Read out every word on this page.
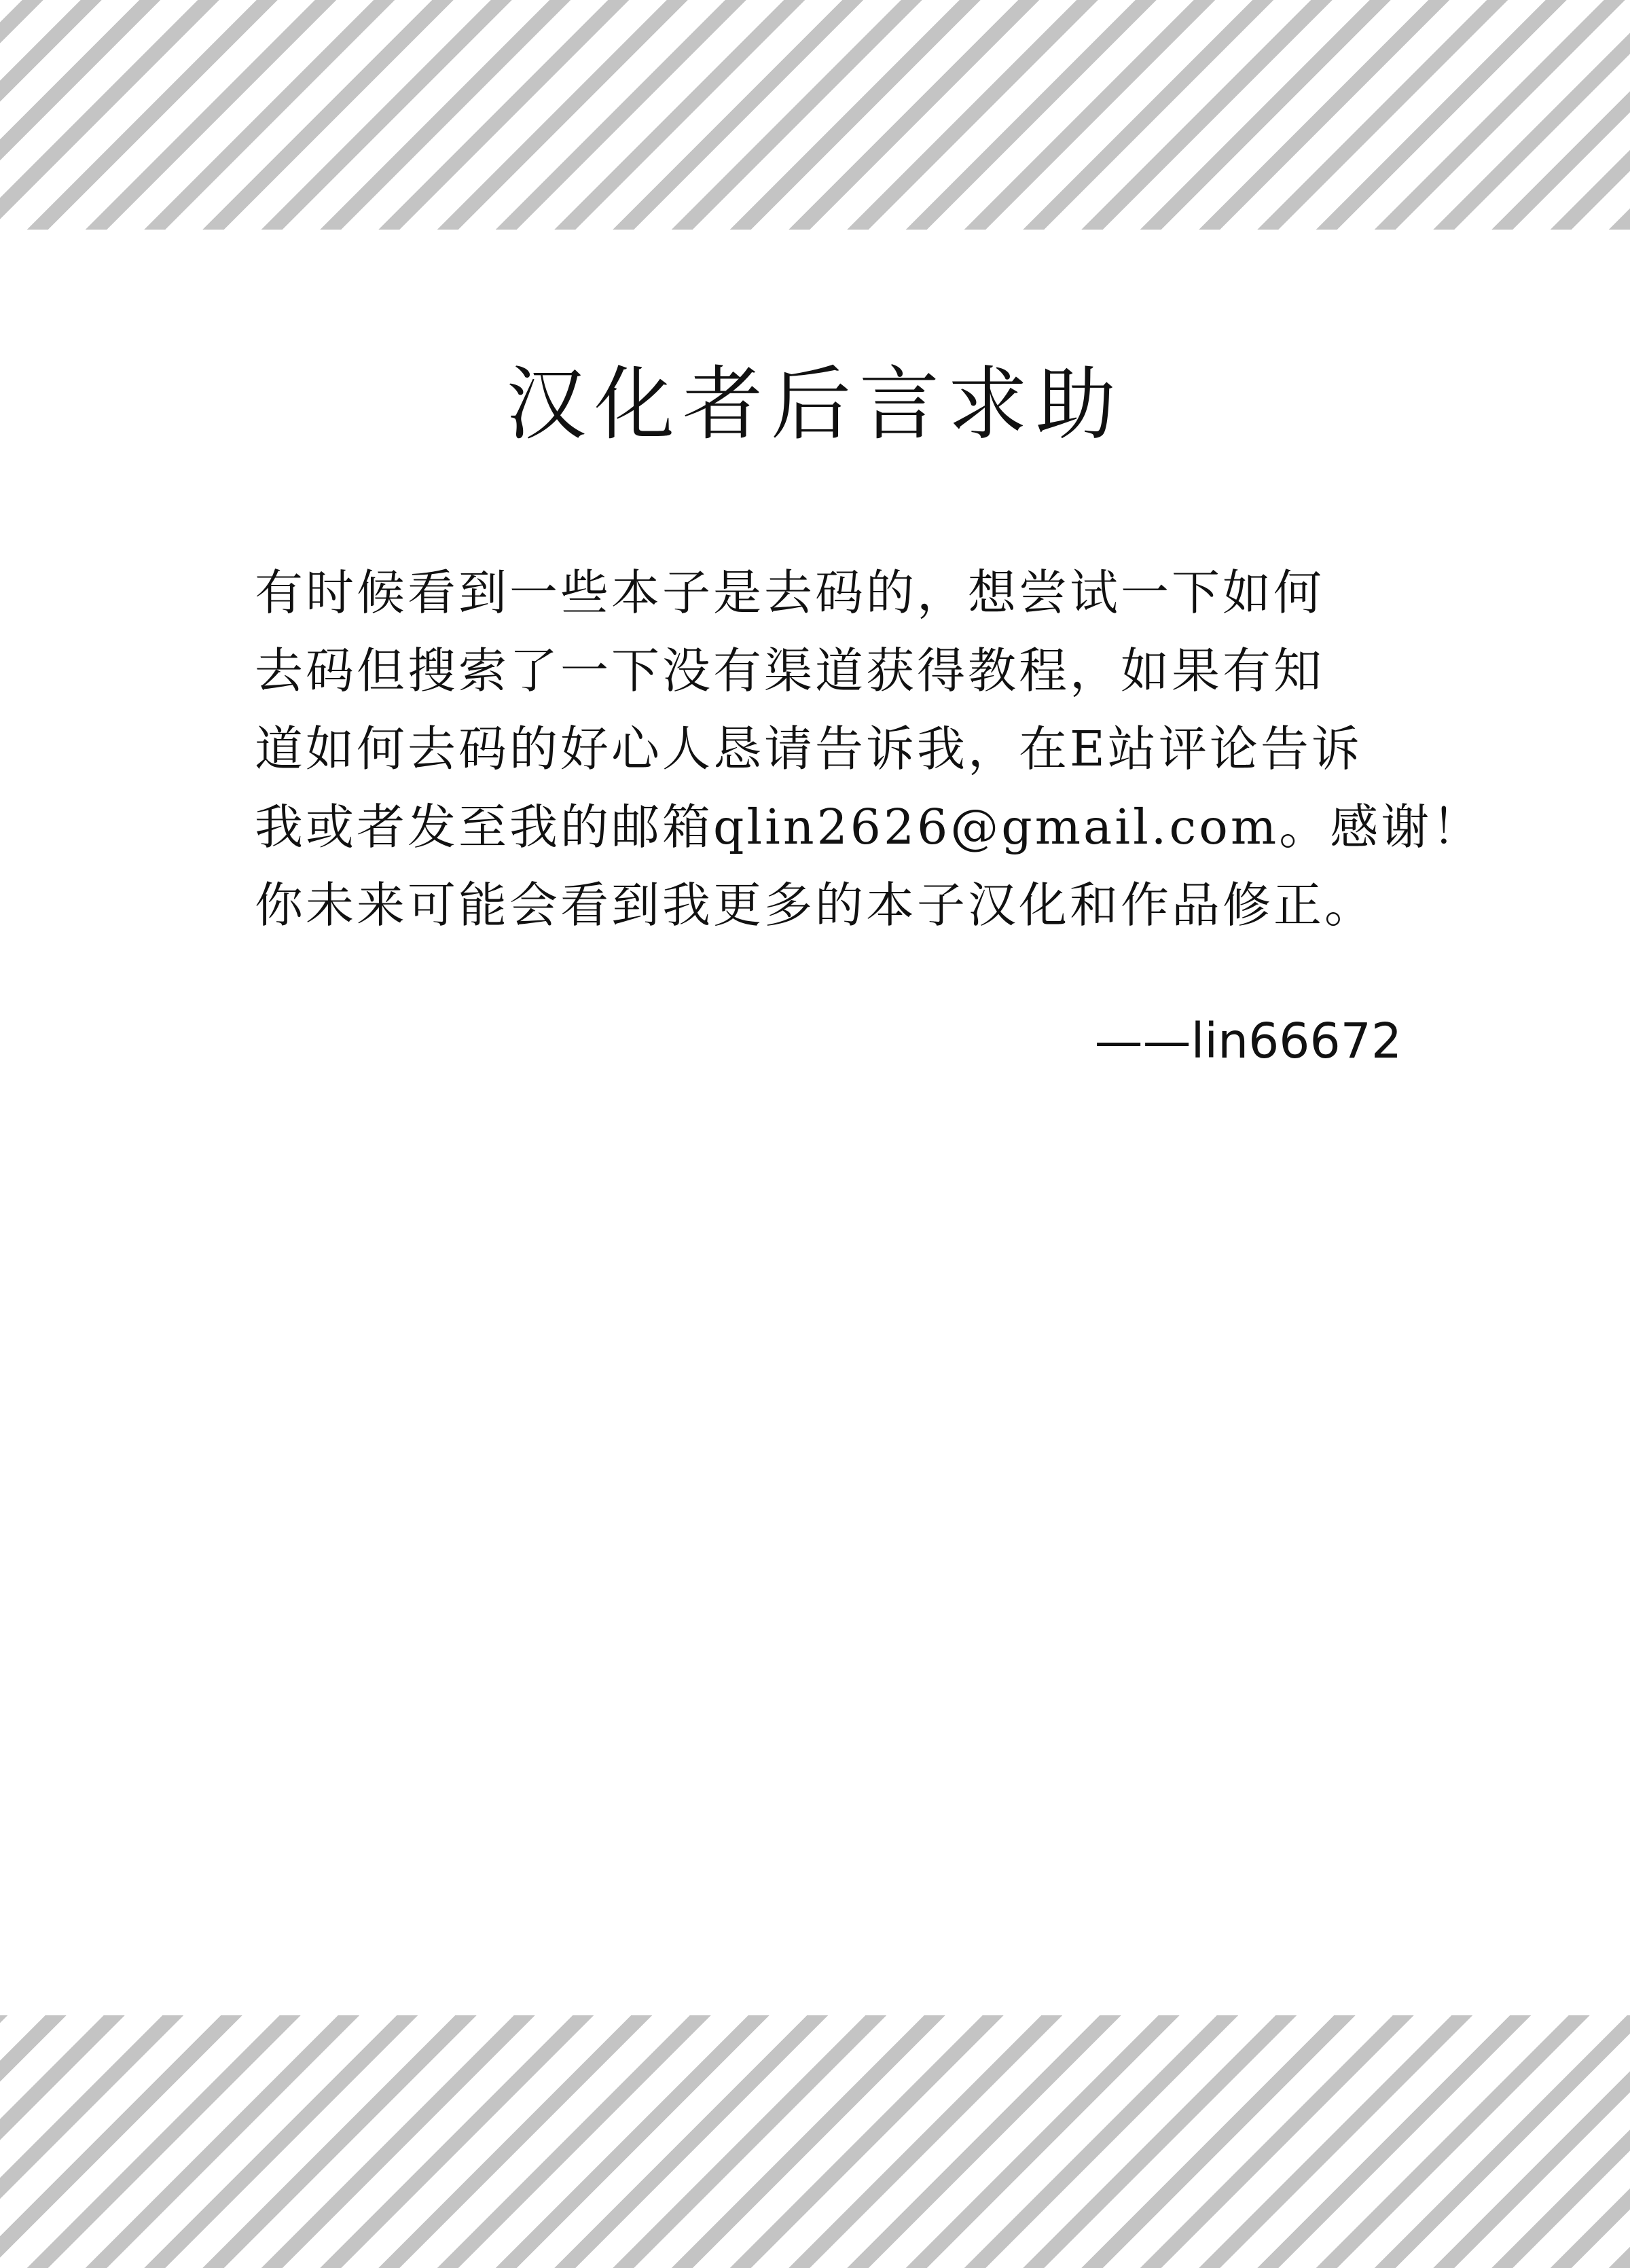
汉化者后言求助
有时候看到一些本子是去码的，想尝试一下如何
去码但搜索了一下没有渠道获得教程，如果有知
道如何去码的好心人恳请告诉我，在E站评论告诉
我或者发至我的邮箱qlin2626@gmail.com。感谢！
你未来可能会看到我更多的本子汉化和作品修正。
——lin66672
